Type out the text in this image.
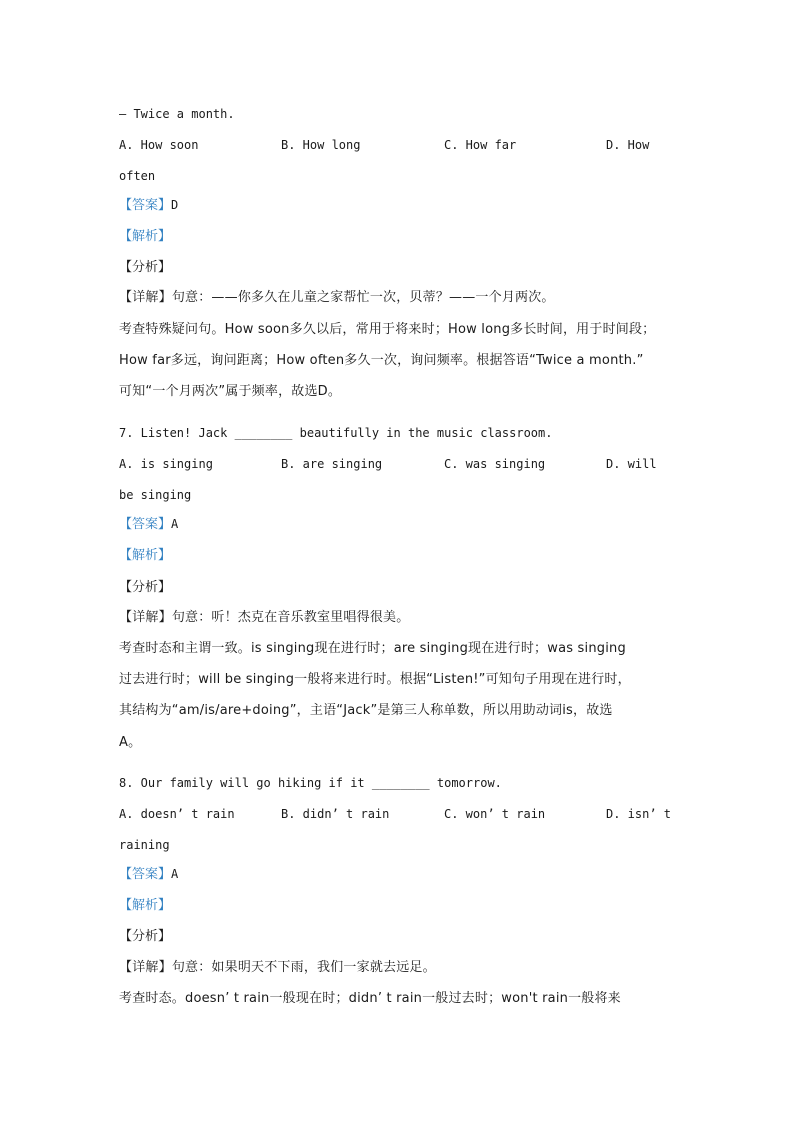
— Twice a month.
A. How soon	B. How long	C. How far	D. How
often
【答案】D
【解析】
【分析】
【详解】句意：——你多久在儿童之家帮忙一次，贝蒂？——一个月两次。
考查特殊疑问句。How soon多久以后，常用于将来时；How long多长时间，用于时间段；
How far多远，询问距离；How often多久一次，询问频率。根据答语“Twice a month.”
可知“一个月两次”属于频率，故选D。
7. Listen! Jack ________ beautifully in the music classroom.
A. is singing	B. are singing	C. was singing	D. will
be singing
【答案】A
【解析】
【分析】
【详解】句意：听！杰克在音乐教室里唱得很美。
考查时态和主谓一致。is singing现在进行时；are singing现在进行时；was singing
过去进行时；will be singing一般将来进行时。根据“Listen!”可知句子用现在进行时，
其结构为“am/is/are+doing”，主语“Jack”是第三人称单数，所以用助动词is，故选
A。
8. Our family will go hiking if it ________ tomorrow.
A. doesn’ t rain	B. didn’ t rain	C. won’ t rain	D. isn’ t
raining
【答案】A
【解析】
【分析】
【详解】句意：如果明天不下雨，我们一家就去远足。
考查时态。doesn’ t rain一般现在时；didn’ t rain一般过去时；won't rain一般将来
